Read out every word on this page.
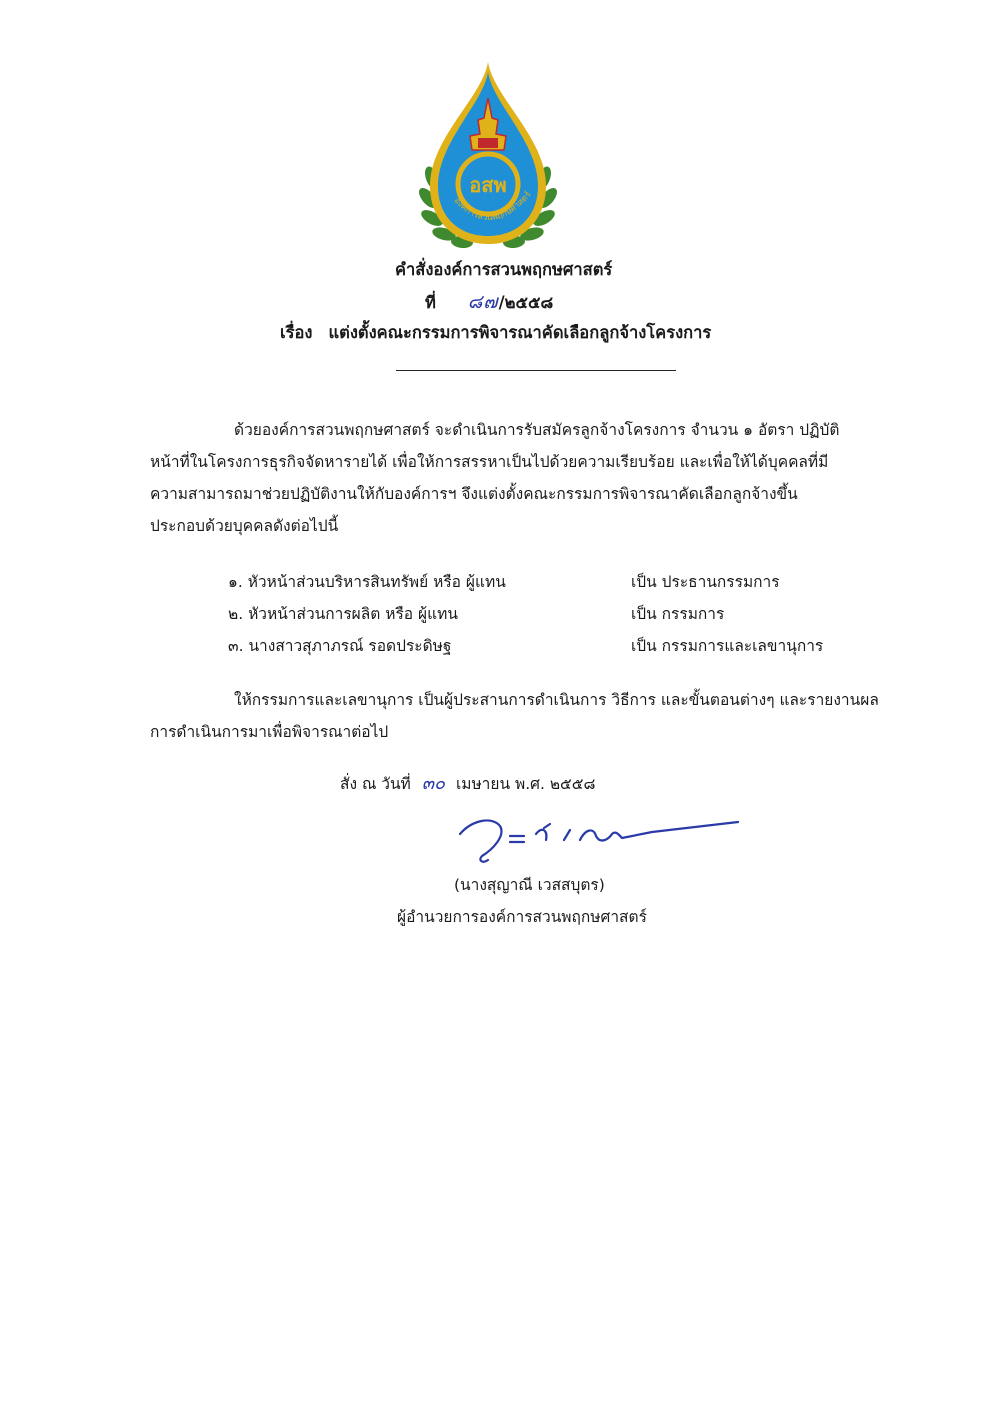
อสพ
องค์การสวนพฤกษศาสตร์
คำสั่งองค์การสวนพฤกษศาสตร์
ที่ ๘๗/๒๕๕๘
เรื่อง แต่งตั้งคณะกรรมการพิจารณาคัดเลือกลูกจ้างโครงการ
ด้วยองค์การสวนพฤกษศาสตร์ จะดำเนินการรับสมัครลูกจ้างโครงการ จำนวน ๑ อัตรา ปฏิบัติ
หน้าที่ในโครงการธุรกิจจัดหารายได้ เพื่อให้การสรรหาเป็นไปด้วยความเรียบร้อย และเพื่อให้ได้บุคคลที่มี
ความสามารถมาช่วยปฏิบัติงานให้กับองค์การฯ จึงแต่งตั้งคณะกรรมการพิจารณาคัดเลือกลูกจ้างขึ้น
ประกอบด้วยบุคคลดังต่อไปนี้
๑. หัวหน้าส่วนบริหารสินทรัพย์ หรือ ผู้แทน	เป็น ประธานกรรมการ
๒. หัวหน้าส่วนการผลิต หรือ ผู้แทน	เป็น กรรมการ
๓. นางสาวสุภาภรณ์ รอดประดิษฐ	เป็น กรรมการและเลขานุการ
ให้กรรมการและเลขานุการ เป็นผู้ประสานการดำเนินการ วิธีการ และขั้นตอนต่างๆ และรายงานผล
การดำเนินการมาเพื่อพิจารณาต่อไป
สั่ง ณ วันที่ ๓๐ เมษายน พ.ศ. ๒๕๕๘
(นางสุญาณี เวสสบุตร)
ผู้อำนวยการองค์การสวนพฤกษศาสตร์
